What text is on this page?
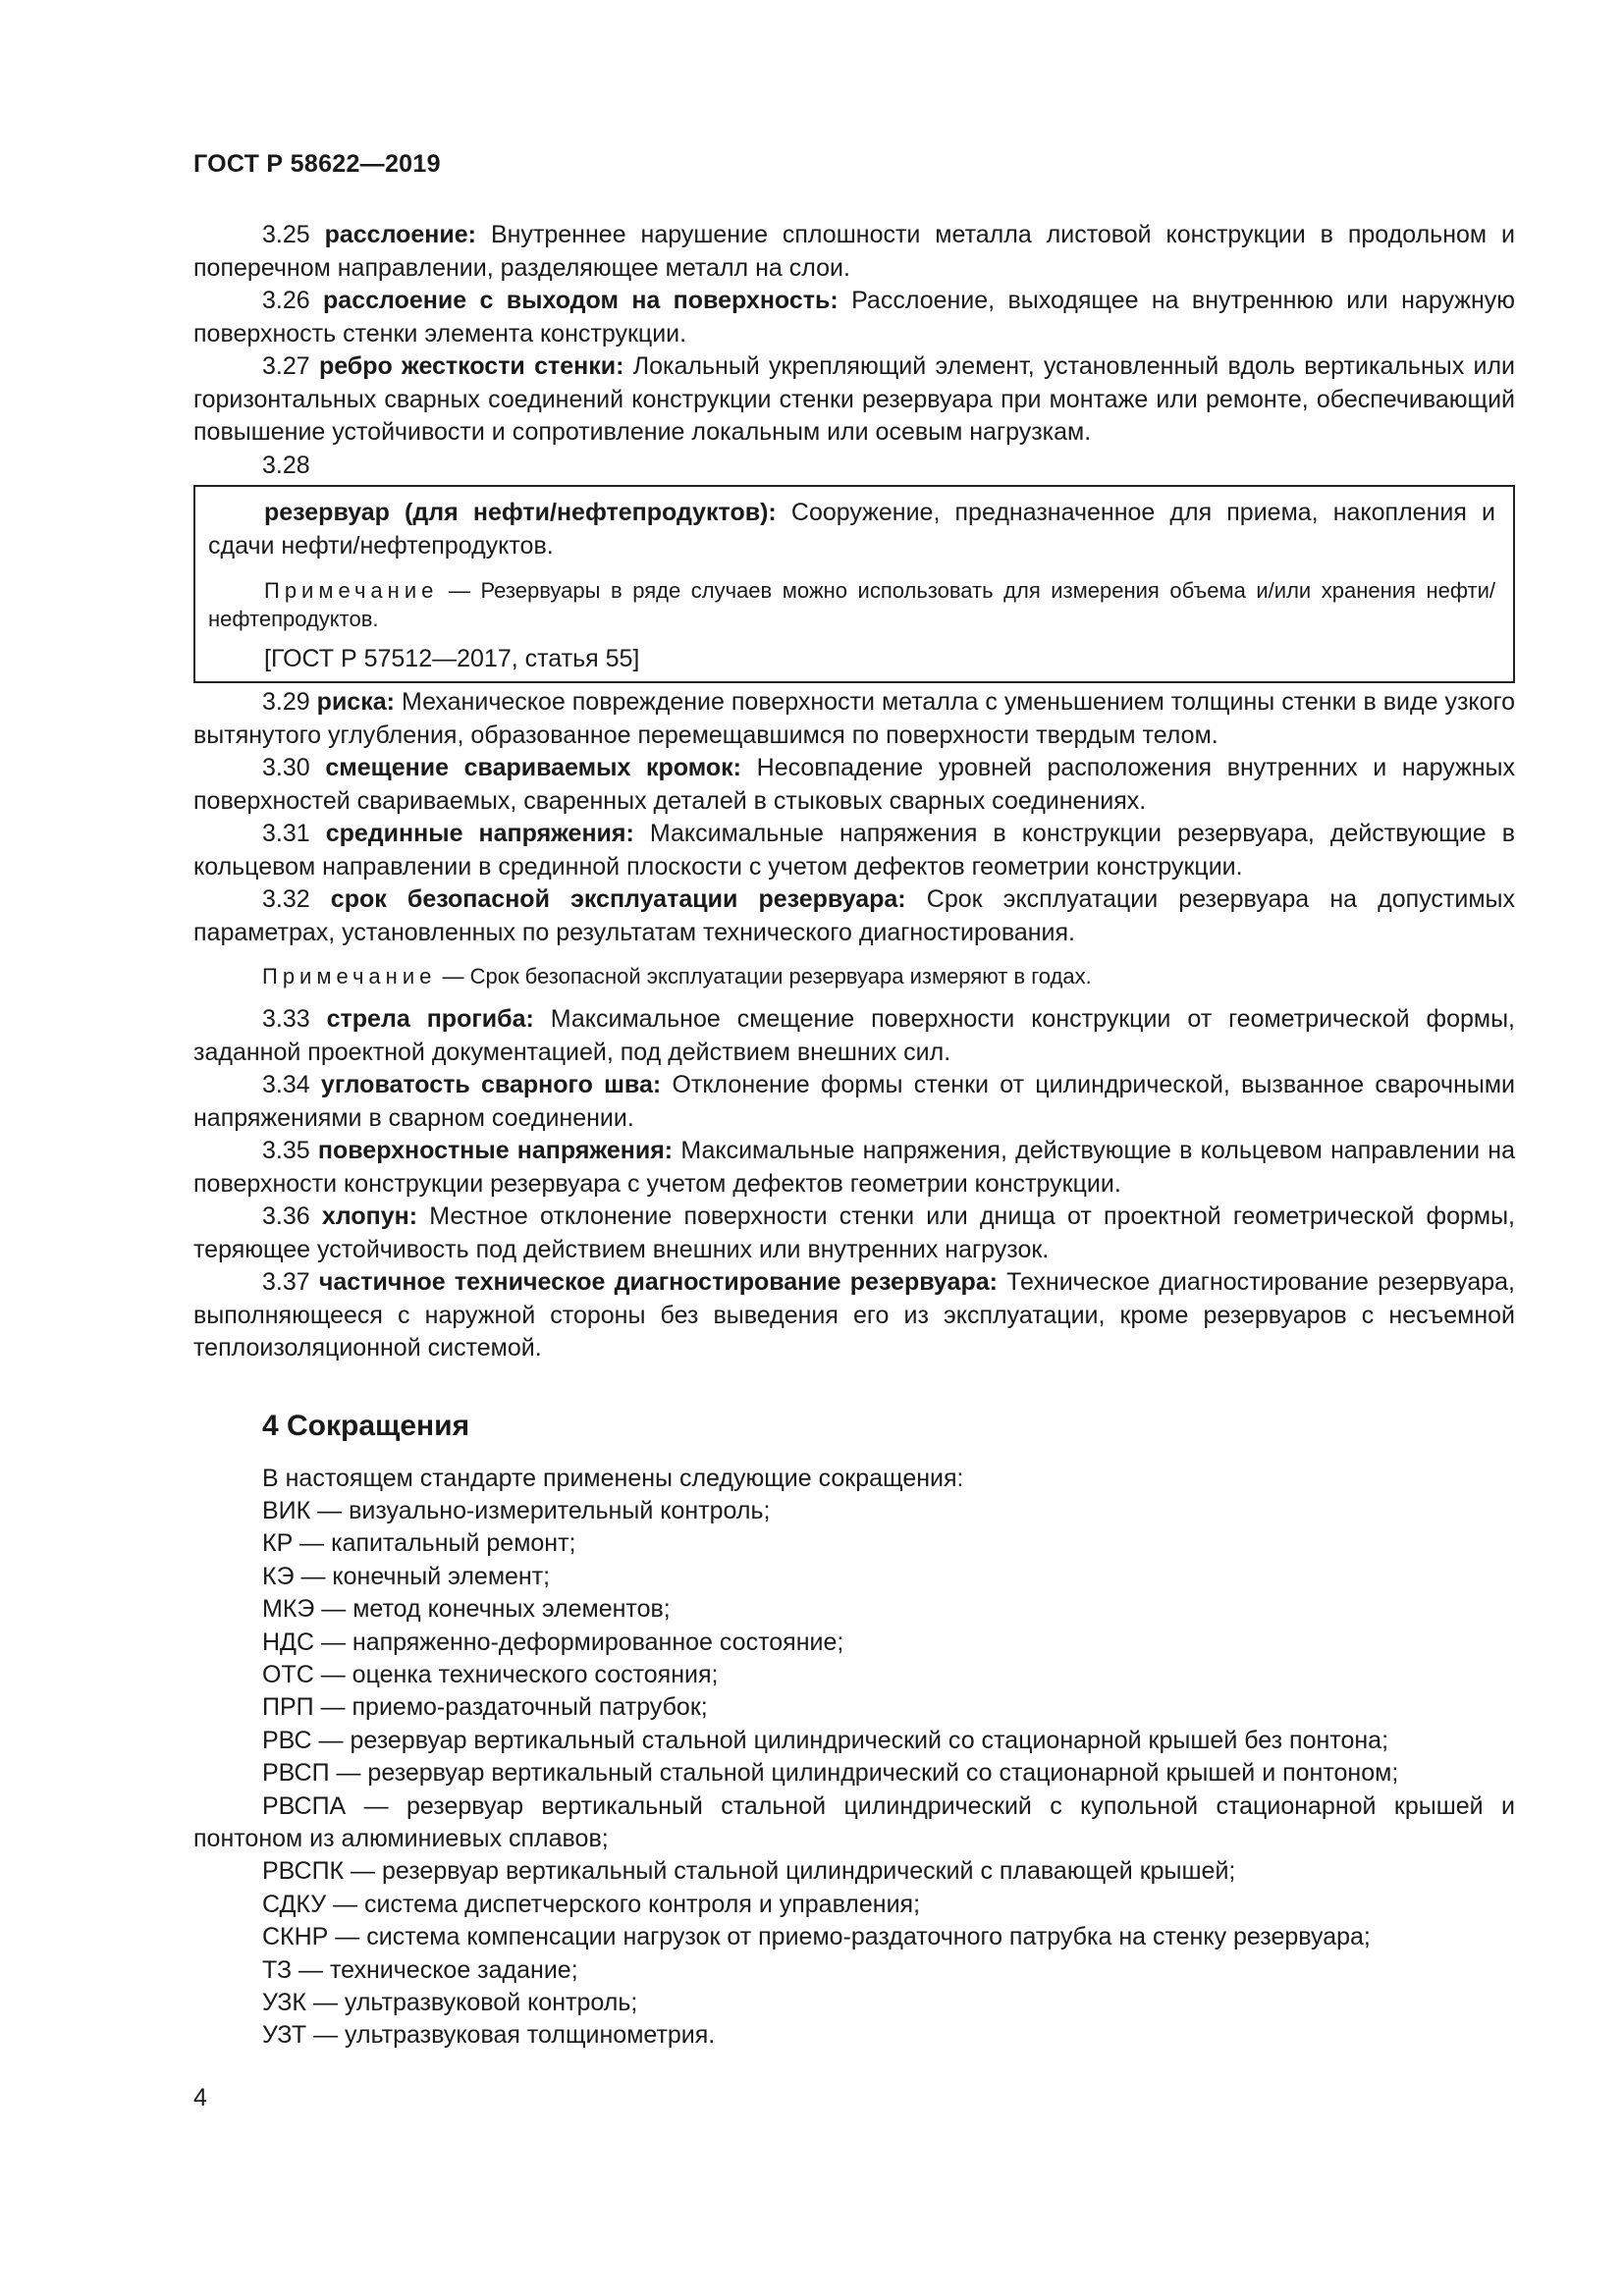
ГОСТ Р 58622—2019

3.25 расслоение: Внутреннее нарушение сплошности металла листовой конструкции в продольном и поперечном направлении, разделяющее металл на слои.

3.26 расслоение с выходом на поверхность: Расслоение, выходящее на внутреннюю или наружную поверхность стенки элемента конструкции.

3.27 ребро жесткости стенки: Локальный укрепляющий элемент, установленный вдоль вертикальных или горизонтальных сварных соединений конструкции стенки резервуара при монтаже или ремонте, обеспечивающий повышение устойчивости и сопротивление локальным или осевым нагрузкам.

3.28

резервуар (для нефти/нефтепродуктов): Сооружение, предназначенное для приема, накопления и сдачи нефти/нефтепродуктов.

Примечание — Резервуары в ряде случаев можно использовать для измерения объема и/или хранения нефти/нефтепродуктов.

[ГОСТ Р 57512—2017, статья 55]

3.29 риска: Механическое повреждение поверхности металла с уменьшением толщины стенки в виде узкого вытянутого углубления, образованное перемещавшимся по поверхности твердым телом.

3.30 смещение свариваемых кромок: Несовпадение уровней расположения внутренних и наружных поверхностей свариваемых, сваренных деталей в стыковых сварных соединениях.

3.31 срединные напряжения: Максимальные напряжения в конструкции резервуара, действующие в кольцевом направлении в срединной плоскости с учетом дефектов геометрии конструкции.

3.32 срок безопасной эксплуатации резервуара: Срок эксплуатации резервуара на допустимых параметрах, установленных по результатам технического диагностирования.

Примечание — Срок безопасной эксплуатации резервуара измеряют в годах.

3.33 стрела прогиба: Максимальное смещение поверхности конструкции от геометрической формы, заданной проектной документацией, под действием внешних сил.

3.34 угловатость сварного шва: Отклонение формы стенки от цилиндрической, вызванное сварочными напряжениями в сварном соединении.

3.35 поверхностные напряжения: Максимальные напряжения, действующие в кольцевом направлении на поверхности конструкции резервуара с учетом дефектов геометрии конструкции.

3.36 хлопун: Местное отклонение поверхности стенки или днища от проектной геометрической формы, теряющее устойчивость под действием внешних или внутренних нагрузок.

3.37 частичное техническое диагностирование резервуара: Техническое диагностирование резервуара, выполняющееся с наружной стороны без выведения его из эксплуатации, кроме резервуаров с несъемной теплоизоляционной системой.

4 Сокращения

В настоящем стандарте применены следующие сокращения:

ВИК — визуально-измерительный контроль;

КР — капитальный ремонт;

КЭ — конечный элемент;

МКЭ — метод конечных элементов;

НДС — напряженно-деформированное состояние;

ОТС — оценка технического состояния;

ПРП — приемо-раздаточный патрубок;

РВС — резервуар вертикальный стальной цилиндрический со стационарной крышей без понтона;

РВСП — резервуар вертикальный стальной цилиндрический со стационарной крышей и понтоном;

РВСПА — резервуар вертикальный стальной цилиндрический с купольной стационарной крышей и понтоном из алюминиевых сплавов;

РВСПК — резервуар вертикальный стальной цилиндрический с плавающей крышей;

СДКУ — система диспетчерского контроля и управления;

СКНР — система компенсации нагрузок от приемо-раздаточного патрубка на стенку резервуара;

ТЗ — техническое задание;

УЗК — ультразвуковой контроль;

УЗТ — ультразвуковая толщинометрия.

4
